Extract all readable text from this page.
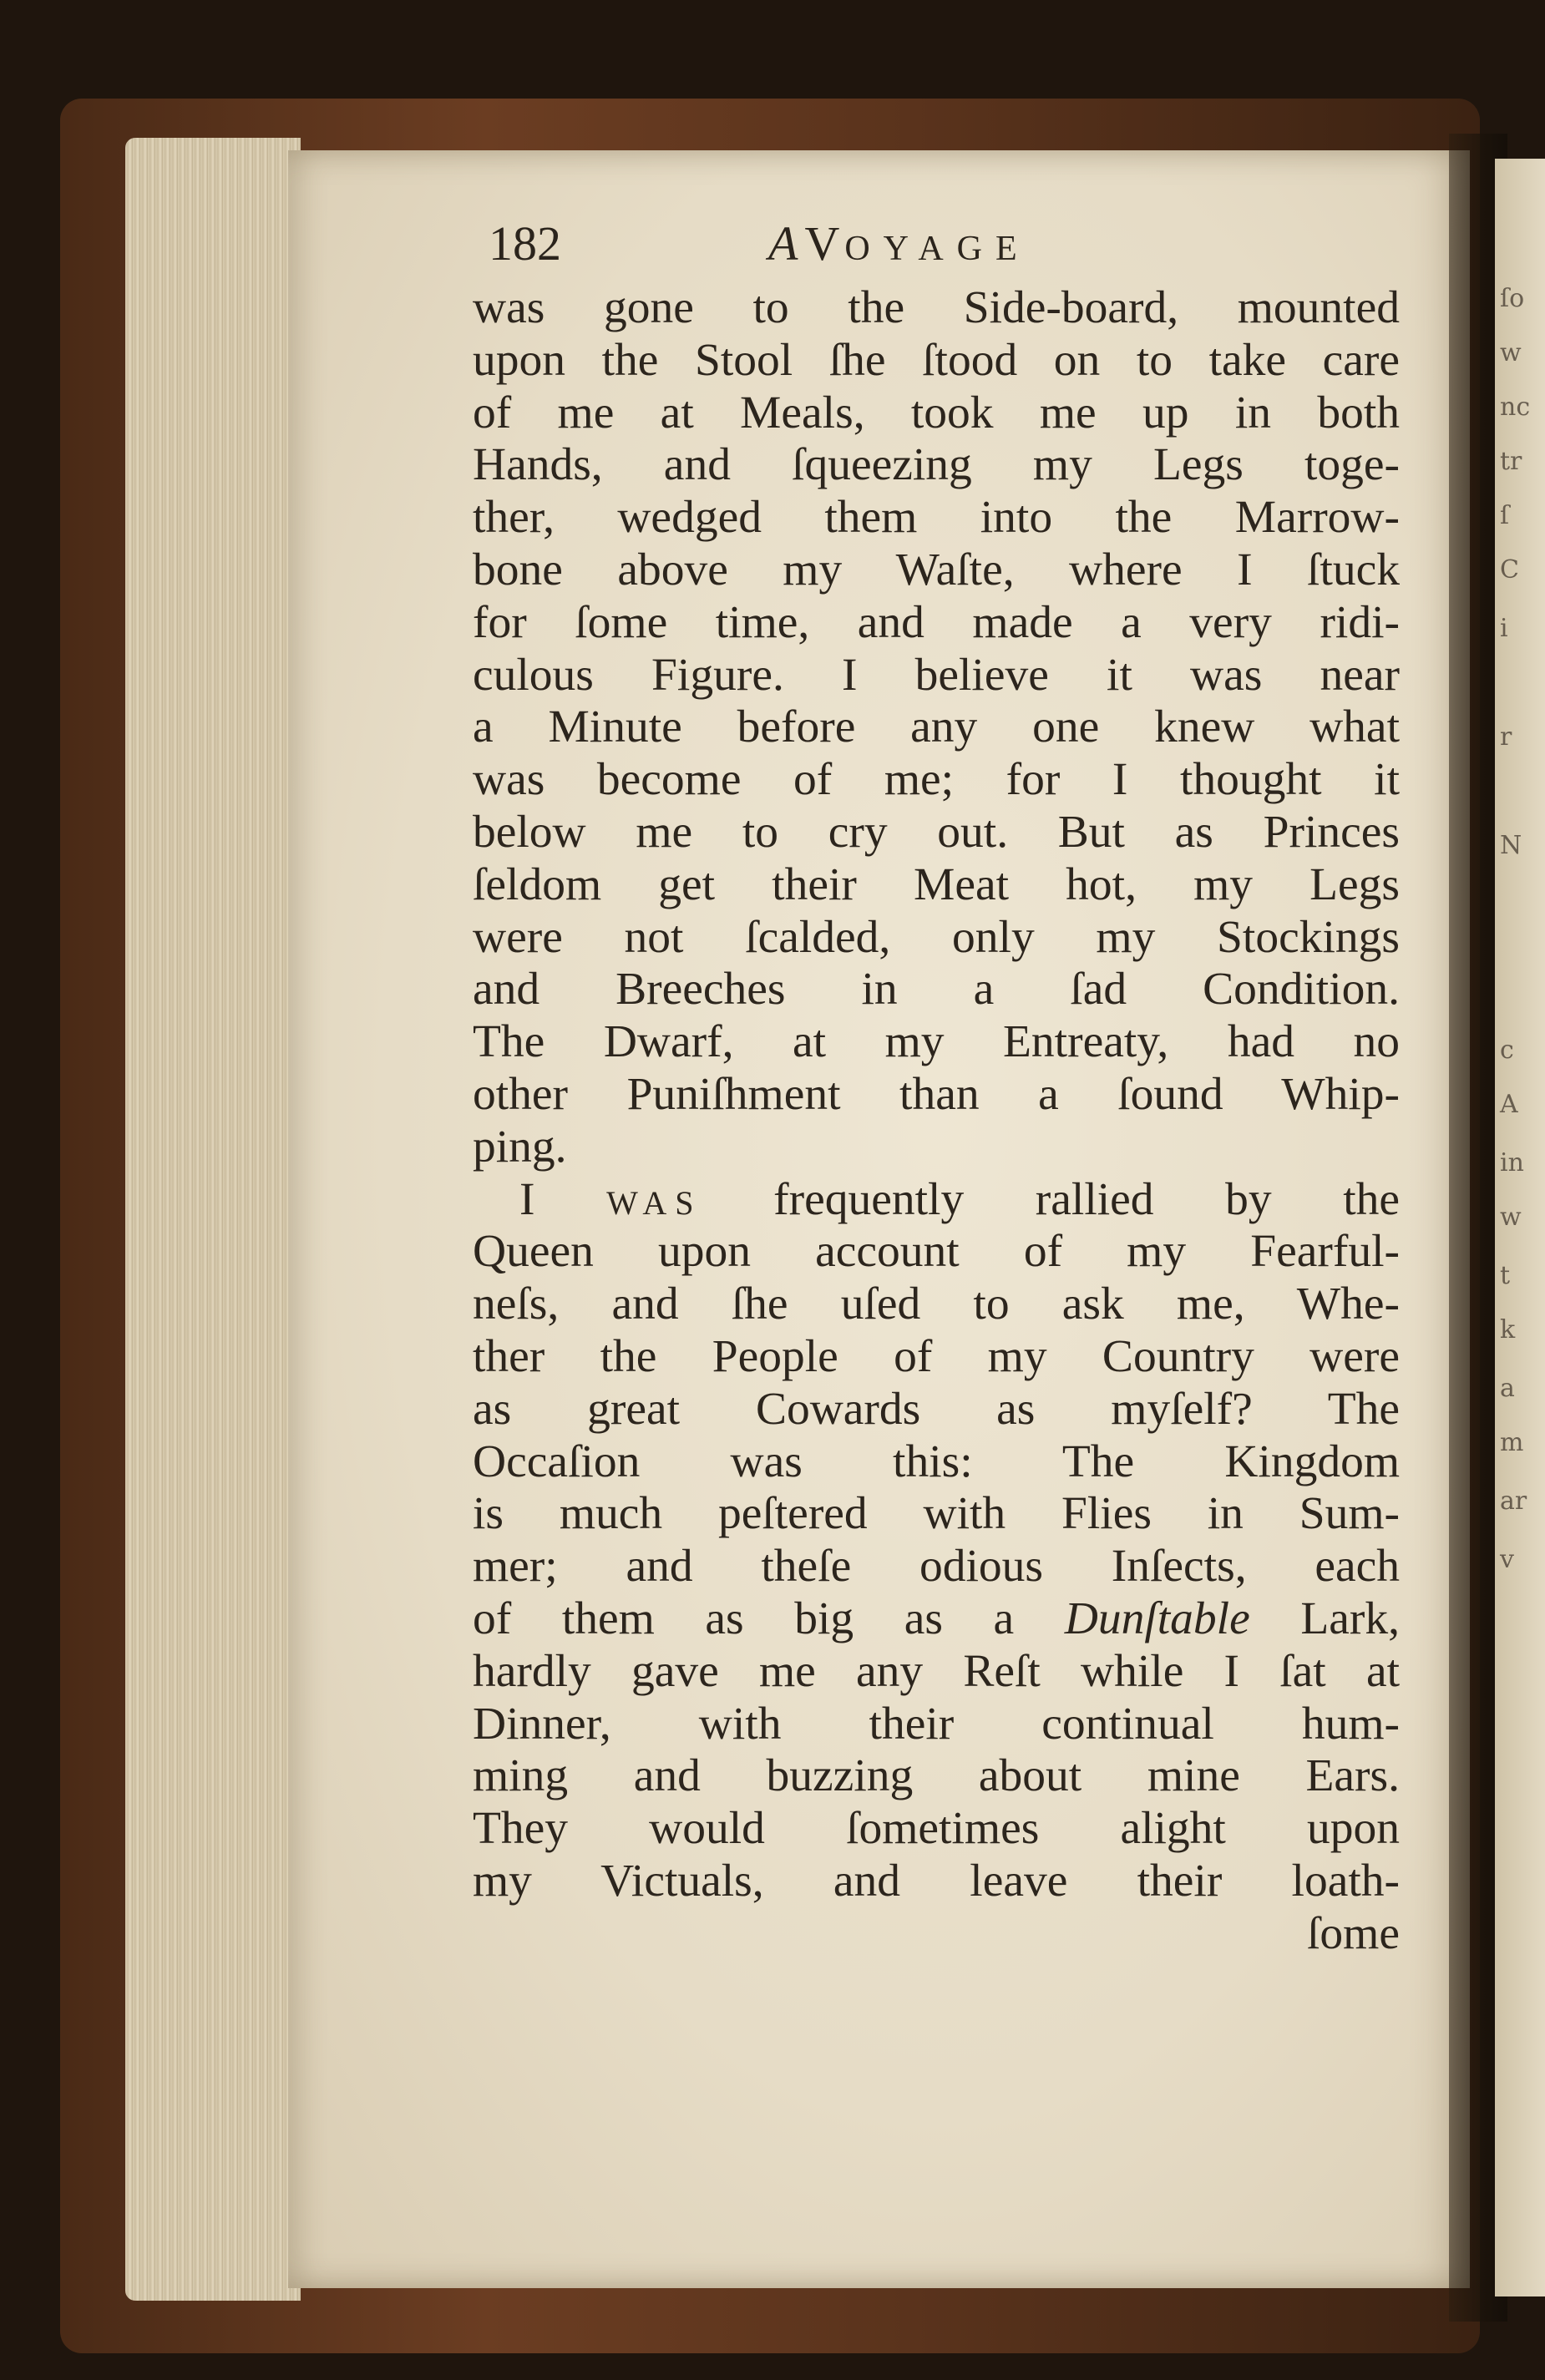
ſo
w
nc
tr
ſ
C
i
r
N
c
A
in
w
t
k
a
m
ar
v
182	AVOYAGE
was gone to the Side-board, mounted
upon the Stool ſhe ſtood on to take care
of me at Meals, took me up in both
Hands, and ſqueezing my Legs toge-
ther, wedged them into the Marrow-
bone above my Waſte, where I ſtuck
for ſome time, and made a very ridi-
culous Figure. I believe it was near
a Minute before any one knew what
was become of me; for I thought it
below me to cry out. But as Princes
ſeldom get their Meat hot, my Legs
were not ſcalded, only my Stockings
and Breeches in a ſad Condition.
The Dwarf, at my Entreaty, had no
other Puniſhment than a ſound Whip-
ping.
I WAS frequently rallied by the
Queen upon account of my Fearful-
neſs, and ſhe uſed to ask me, Whe-
ther the People of my Country were
as great Cowards as myſelf? The
Occaſion was this: The Kingdom
is much peſtered with Flies in Sum-
mer; and theſe odious Inſects, each
of them as big as a Dunſtable Lark,
hardly gave me any Reſt while I ſat at
Dinner, with their continual hum-
ming and buzzing about mine Ears.
They would ſometimes alight upon
my Victuals, and leave their loath-
ſome
